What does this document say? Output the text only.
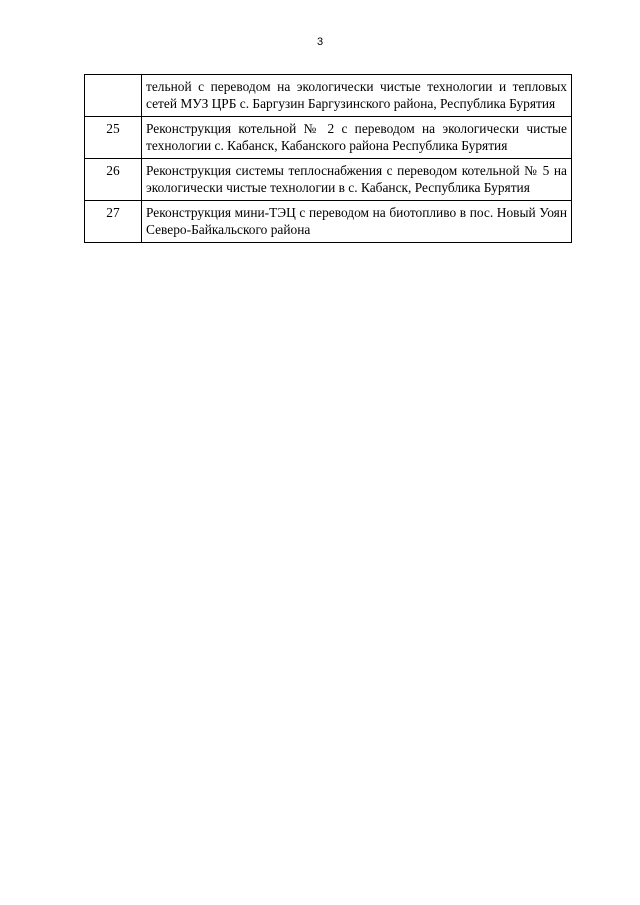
3
	тельной с переводом на экологически чистые технологии и тепловых сетей МУЗ ЦРБ с. Баргузин Баргузинского района, Республика Бурятия
25	Реконструкция котельной № 2 с переводом на экологически чистые технологии с. Кабанск, Кабанского района Республика Бурятия
26	Реконструкция системы теплоснабжения с переводом котельной № 5 на экологически чистые технологии в с. Кабанск, Республика Бурятия
27	Реконструкция мини-ТЭЦ с переводом на биотопливо в пос. Новый Уоян Северо-Байкальского района
